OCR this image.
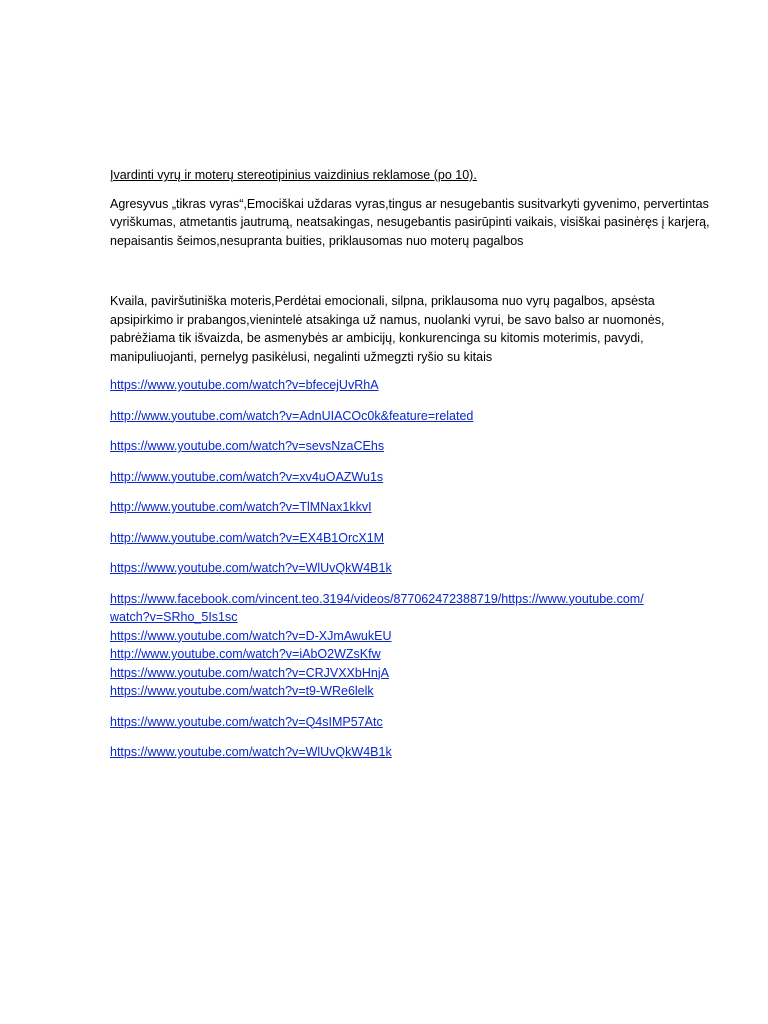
Įvardinti vyrų ir moterų stereotipinius vaizdinius reklamose (po 10).
Agresyvus „tikras vyras“,Emociškai uždaras vyras,tingus ar nesugebantis susitvarkyti gyvenimo, pervertintas
vyriškumas, atmetantis jautrumą, neatsakingas, nesugebantis pasirūpinti vaikais, visiškai pasinėręs į karjerą,
nepaisantis šeimos,nesupranta buities, priklausomas nuo moterų pagalbos
Kvaila, paviršutiniška moteris,Perdėtai emocionali, silpna, priklausoma nuo vyrų pagalbos, apsėsta
apsipirkimo ir prabangos,vienintelė atsakinga už namus, nuolanki vyrui, be savo balso ar nuomonės,
pabrėžiama tik išvaizda, be asmenybės ar ambicijų, konkurencinga su kitomis moterimis, pavydi,
manipuliuojanti, pernelyg pasikėlusi, negalinti užmegzti ryšio su kitais
https://www.youtube.com/watch?v=bfecejUvRhA
http://www.youtube.com/watch?v=AdnUIACOc0k&feature=related
https://www.youtube.com/watch?v=sevsNzaCEhs
http://www.youtube.com/watch?v=xv4uOAZWu1s
http://www.youtube.com/watch?v=TlMNax1kkvI
http://www.youtube.com/watch?v=EX4B1OrcX1M
https://www.youtube.com/watch?v=WlUvQkW4B1k
https://www.facebook.com/vincent.teo.3194/videos/877062472388719/https://www.youtube.com/
watch?v=SRho_5Is1sc
https://www.youtube.com/watch?v=D-XJmAwukEU
http://www.youtube.com/watch?v=iAbO2WZsKfw
https://www.youtube.com/watch?v=CRJVXXbHnjA
https://www.youtube.com/watch?v=t9-WRe6lelk
https://www.youtube.com/watch?v=Q4sIMP57Atc
https://www.youtube.com/watch?v=WlUvQkW4B1k
